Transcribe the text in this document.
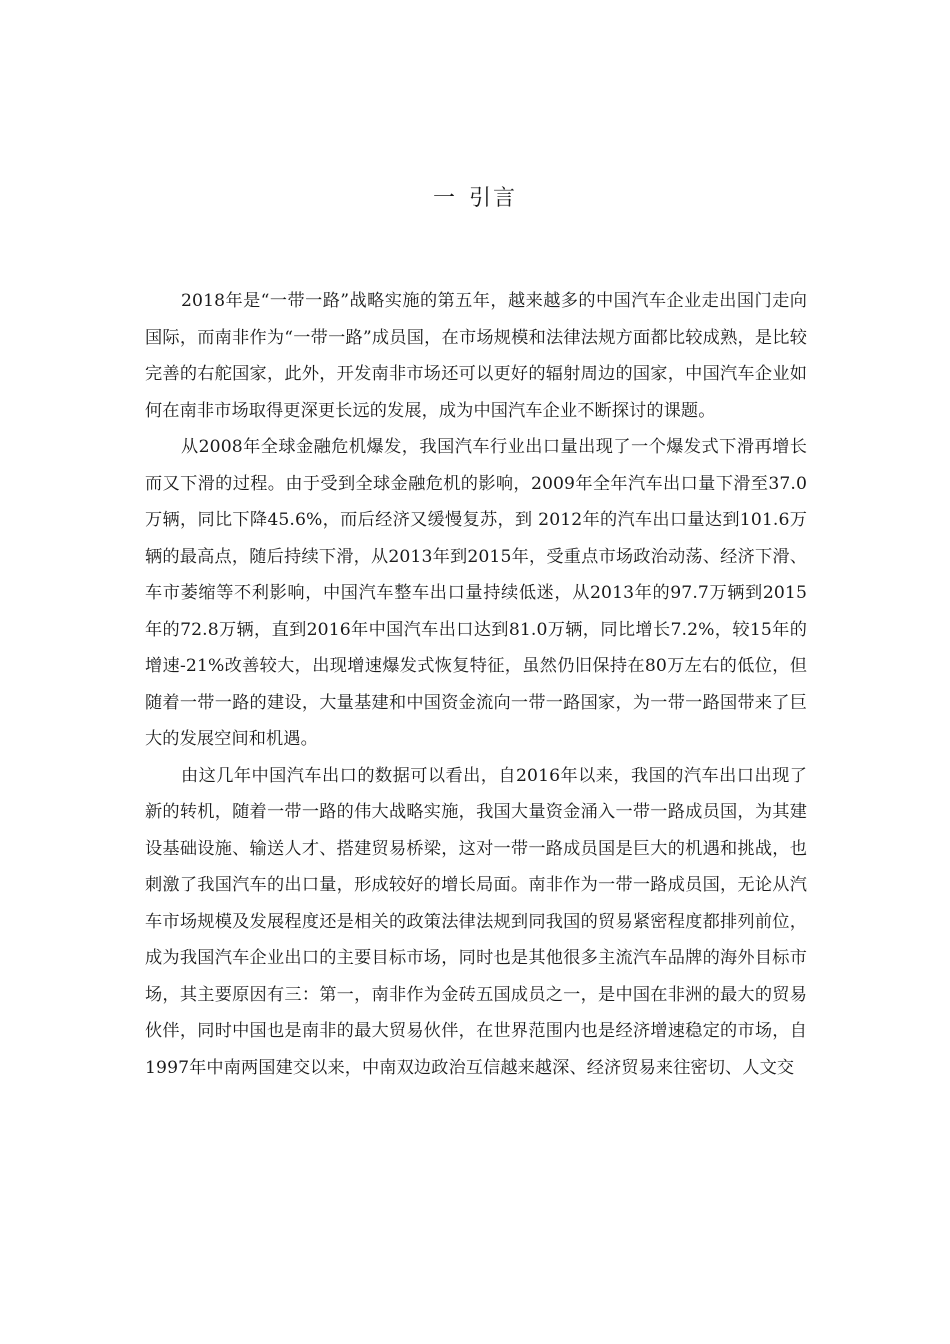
一 引言

2018年是“一带一路”战略实施的第五年，越来越多的中国汽车企业走出国门走向国际，而南非作为“一带一路”成员国，在市场规模和法律法规方面都比较成熟，是比较完善的右舵国家，此外，开发南非市场还可以更好的辐射周边的国家，中国汽车企业如何在南非市场取得更深更长远的发展，成为中国汽车企业不断探讨的课题。

从2008年全球金融危机爆发，我国汽车行业出口量出现了一个爆发式下滑再增长而又下滑的过程。由于受到全球金融危机的影响，2009年全年汽车出口量下滑至37.0万辆，同比下降45.6%，而后经济又缓慢复苏，到 2012年的汽车出口量达到101.6万辆的最高点，随后持续下滑，从2013年到2015年，受重点市场政治动荡、经济下滑、车市萎缩等不利影响，中国汽车整车出口量持续低迷，从2013年的97.7万辆到2015年的72.8万辆，直到2016年中国汽车出口达到81.0万辆，同比增长7.2%，较15年的增速-21%改善较大，出现增速爆发式恢复特征，虽然仍旧保持在80万左右的低位，但随着一带一路的建设，大量基建和中国资金流向一带一路国家，为一带一路国带来了巨大的发展空间和机遇。

由这几年中国汽车出口的数据可以看出，自2016年以来，我国的汽车出口出现了新的转机，随着一带一路的伟大战略实施，我国大量资金涌入一带一路成员国，为其建设基础设施、输送人才、搭建贸易桥梁，这对一带一路成员国是巨大的机遇和挑战，也刺激了我国汽车的出口量，形成较好的增长局面。南非作为一带一路成员国，无论从汽车市场规模及发展程度还是相关的政策法律法规到同我国的贸易紧密程度都排列前位，成为我国汽车企业出口的主要目标市场，同时也是其他很多主流汽车品牌的海外目标市场，其主要原因有三：第一，南非作为金砖五国成员之一，是中国在非洲的最大的贸易伙伴，同时中国也是南非的最大贸易伙伴，在世界范围内也是经济增速稳定的市场，自1997年中南两国建交以来，中南双边政治互信越来越深、经济贸易来往密切、人文交
